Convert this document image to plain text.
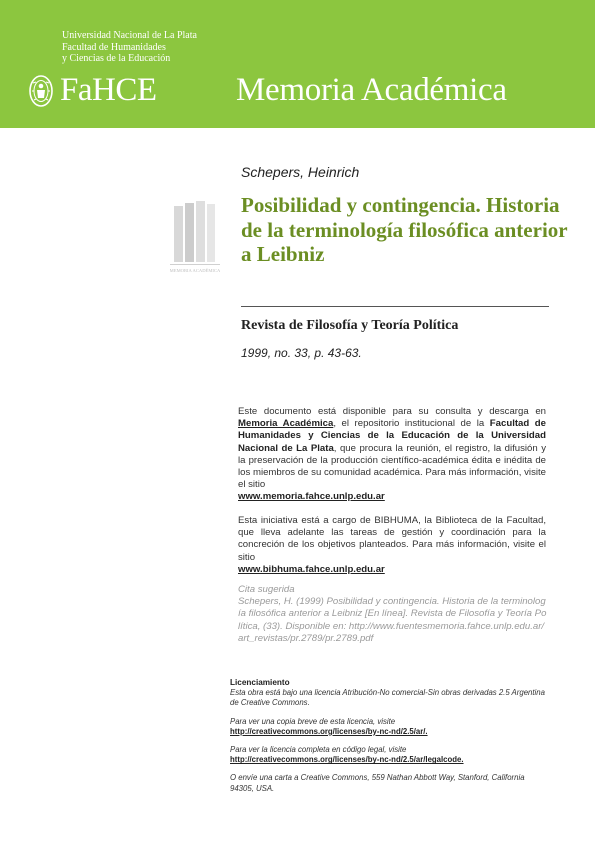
Universidad Nacional de La Plata
Facultad de Humanidades
y Ciencias de la Educación
FaHCE Memoria Académica
MEMORIA ACADÉMICA
Schepers, Heinrich
Posibilidad y contingencia. Historia de la terminología filosófica anterior a Leibniz
Revista de Filosofía y Teoría Política
1999, no. 33, p. 43-63.
Este documento está disponible para su consulta y descarga en Memoria Académica, el repositorio institucional de la Facultad de Humanidades y Ciencias de la Educación de la Universidad Nacional de La Plata, que procura la reunión, el registro, la difusión y la preservación de la producción científico-académica édita e inédita de los miembros de su comunidad académica. Para más información, visite el sitio
www.memoria.fahce.unlp.edu.ar
Esta iniciativa está a cargo de BIBHUMA, la Biblioteca de la Facultad, que lleva adelante las tareas de gestión y coordinación para la concreción de los objetivos planteados. Para más información, visite el sitio
www.bibhuma.fahce.unlp.edu.ar
Cita sugerida
Schepers, H. (1999) Posibilidad y contingencia. Historia de la terminología filosófica anterior a Leibniz [En línea]. Revista de Filosofía y Teoría Política, (33). Disponible en: http://www.fuentesmemoria.fahce.unlp.edu.ar/art_revistas/pr.2789/pr.2789.pdf
Licenciamiento
Esta obra está bajo una licencia Atribución-No comercial-Sin obras derivadas 2.5 Argentina de Creative Commons.
Para ver una copia breve de esta licencia, visite
http://creativecommons.org/licenses/by-nc-nd/2.5/ar/.
Para ver la licencia completa en código legal, visite
http://creativecommons.org/licenses/by-nc-nd/2.5/ar/legalcode.
O envíe una carta a Creative Commons, 559 Nathan Abbott Way, Stanford, California 94305, USA.
